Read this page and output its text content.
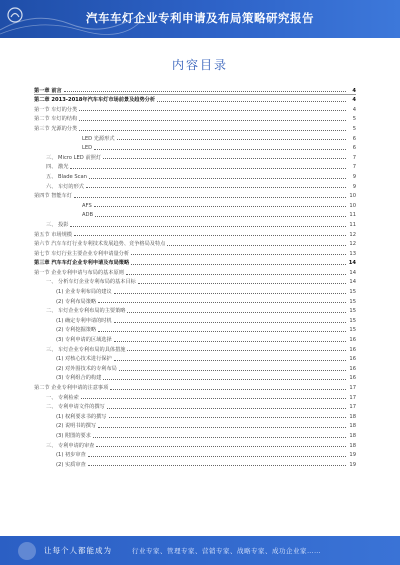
汽车车灯企业专利申请及布局策略研究报告
内容目录
第一章 前言	4
第二章 2013-2018年汽车车灯市场前景及趋势分析	4
第一节 车灯的分类	4
第二节 车灯的结构	5
第三节 光源的分类	5
LED 光源形式	6
LED	6
三、 Micro LED 前照灯	7
四、 激光	7
五、 Blade Scan	9
六、 车灯的形式	9
第四节 智能车灯	10
AFS	10
ADB	11
三、 投影	11
第五节 市场规模	12
第六节 汽车车灯行业专利技术发展趋势、竞争格局及特点	12
第七节 车灯行业主要企业专利申请量分析	13
第三章 汽车车灯企业专利申请及布局策略	14
第一节 企业专利申请与布局的基本原则	14
一、 分析车灯企业专利布局的基本目标	14
(1) 企业专利布局的建议	15
(2) 专利布局策略	15
二、 车灯企业专利布局的主要策略	15
(1) 确定专利申请的时机	15
(2) 专利挖掘策略	15
(3) 专利申请的区域选择	16
三、 车灯企业专利布局的具体措施	16
(1) 对核心技术进行保护	16
(2) 对外围技术的专利布局	16
(3) 专利组合的构建	16
第二节 企业专利申请的注意事项	17
一、 专利检索	17
二、 专利申请文件的撰写	17
(1) 权利要求书的撰写	18
(2) 说明书的撰写	18
(3) 附图的要求	18
三、 专利申请的审查	18
(1) 初步审查	19
(2) 实质审查	19
让每个人都能成为	行业专家、管理专家、营销专家、战略专家、成功企业家……
